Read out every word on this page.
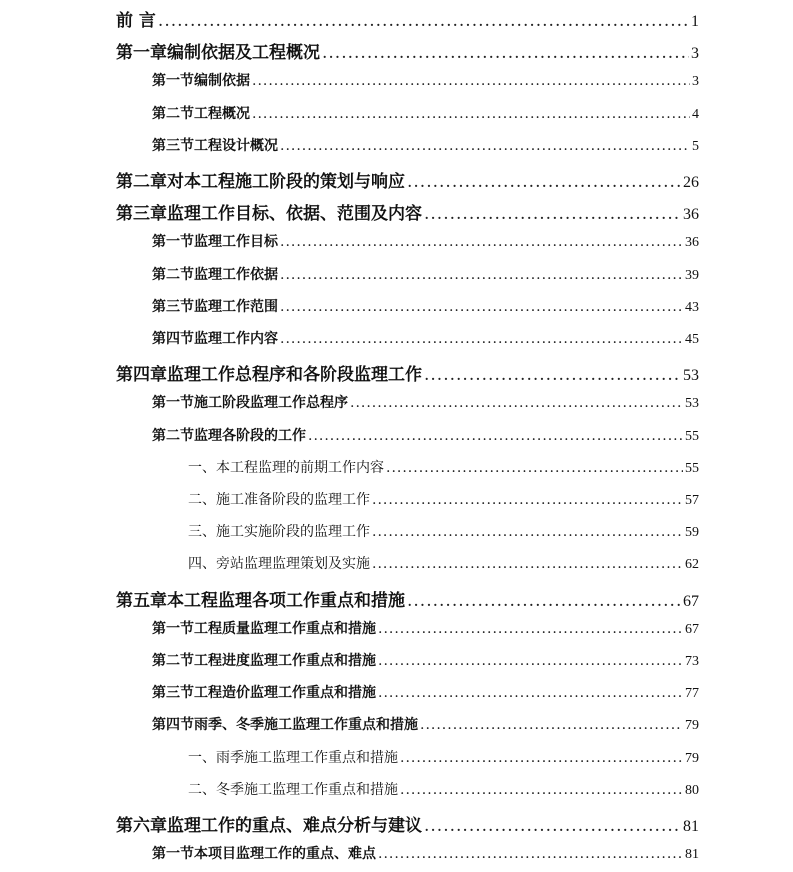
前 言 .....	1
第一章 编制依据及工程概况 .....	3
第一节 编制依据 .....	3
第二节 工程概况 .....	4
第三节 工程设计概况 .....	5
第二章 对本工程施工阶段的策划与响应 .....	26
第三章 监理工作目标、依据、范围及内容 .....	36
第一节 监理工作目标 .....	36
第二节 监理工作依据 .....	39
第三节 监理工作范围 .....	43
第四节 监理工作内容 .....	45
第四章 监理工作总程序和各阶段监理工作 .....	53
第一节 施工阶段监理工作总程序 .....	53
第二节 监理各阶段的工作 .....	55
一、本工程监理的前期工作内容 .....	55
二、施工准备阶段的监理工作 .....	57
三、施工实施阶段的监理工作 .....	59
四、旁站监理监理策划及实施 .....	62
第五章 本工程监理各项工作重点和措施 .....	67
第一节 工程质量监理工作重点和措施 .....	67
第二节 工程进度监理工作重点和措施 .....	73
第三节 工程造价监理工作重点和措施 .....	77
第四节 雨季、冬季施工监理工作重点和措施 .....	79
一、雨季施工监理工作重点和措施 .....	79
二、冬季施工监理工作重点和措施 .....	80
第六章 监理工作的重点、难点分析与建议 .....	81
第一节 本项目监理工作的重点、难点 .....	81
